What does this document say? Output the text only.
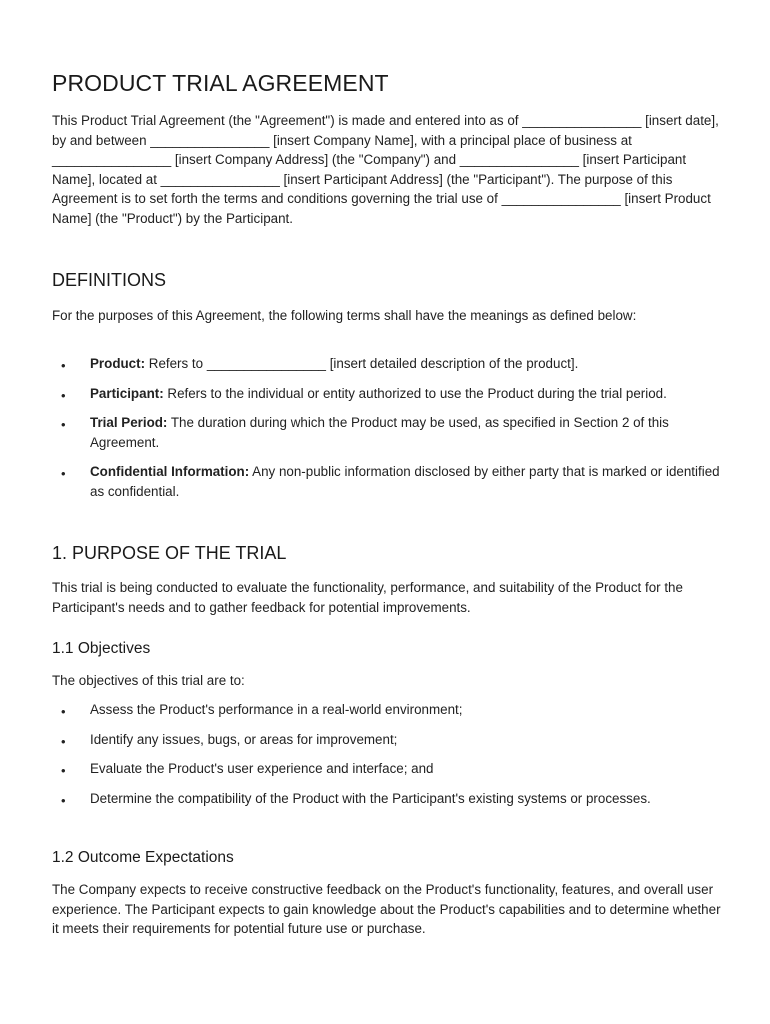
PRODUCT TRIAL AGREEMENT

This Product Trial Agreement (the "Agreement") is made and entered into as of ________________ [insert date], by and between ________________ [insert Company Name], with a principal place of business at ________________ [insert Company Address] (the "Company") and ________________ [insert Participant Name], located at ________________ [insert Participant Address] (the "Participant"). The purpose of this Agreement is to set forth the terms and conditions governing the trial use of ________________ [insert Product Name] (the "Product") by the Participant.

DEFINITIONS

For the purposes of this Agreement, the following terms shall have the meanings as defined below:

• Product: Refers to ________________ [insert detailed description of the product].
• Participant: Refers to the individual or entity authorized to use the Product during the trial period.
• Trial Period: The duration during which the Product may be used, as specified in Section 2 of this Agreement.
• Confidential Information: Any non-public information disclosed by either party that is marked or identified as confidential.
1. PURPOSE OF THE TRIAL

This trial is being conducted to evaluate the functionality, performance, and suitability of the Product for the Participant's needs and to gather feedback for potential improvements.

1.1 Objectives

The objectives of this trial are to:

• Assess the Product's performance in a real-world environment;
• Identify any issues, bugs, or areas for improvement;
• Evaluate the Product's user experience and interface; and
• Determine the compatibility of the Product with the Participant's existing systems or processes.
1.2 Outcome Expectations

The Company expects to receive constructive feedback on the Product's functionality, features, and overall user experience. The Participant expects to gain knowledge about the Product's capabilities and to determine whether it meets their requirements for potential future use or purchase.
